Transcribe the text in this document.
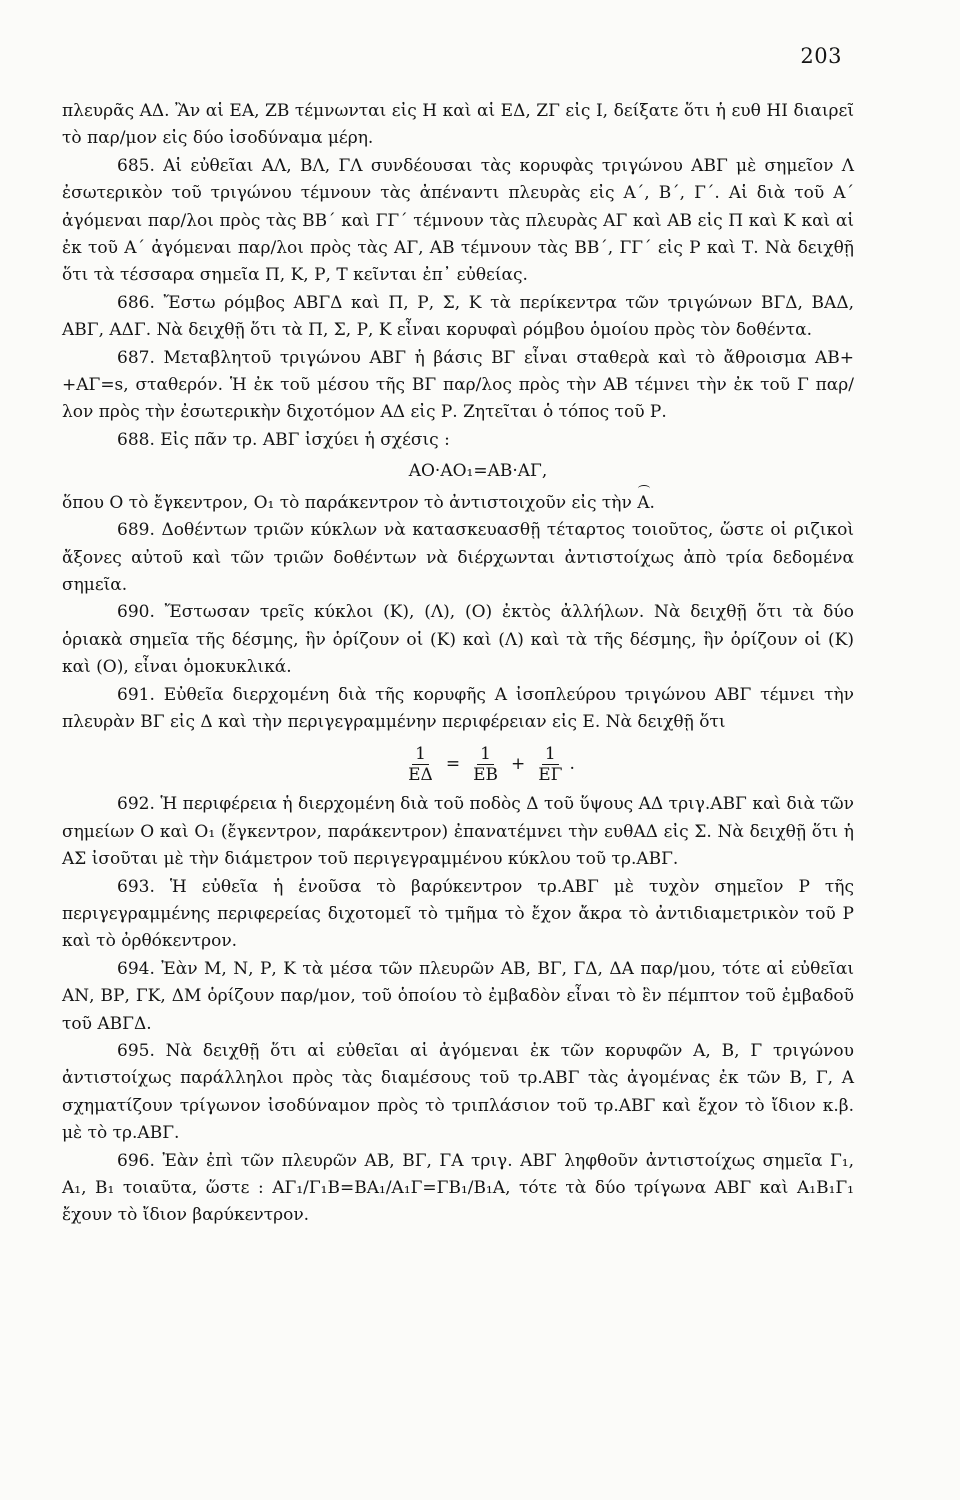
203

πλευρᾶς ΑΔ. Ἂν αἱ ΕΑ, ΖΒ τέμνωνται εἰς Η καὶ αἱ ΕΔ, ΖΓ εἰς Ι, δείξατε ὅτι ἡ ευθ ΗΙ διαιρεῖ τὸ παρ/μον εἰς δύο ἰσοδύναμα μέρη.

685. Αἱ εὐθεῖαι ΑΛ, ΒΛ, ΓΛ συνδέουσαι τὰς κορυφὰς τριγώνου ΑΒΓ μὲ σημεῖον Λ ἐσωτερικὸν τοῦ τριγώνου τέμνουν τὰς ἀπέναντι πλευρὰς εἰς Α΄, Β΄, Γ΄. Αἱ διὰ τοῦ Α΄ ἀγόμεναι παρ/λοι πρὸς τὰς ΒΒ΄ καὶ ΓΓ΄ τέμνουν τὰς πλευρὰς ΑΓ καὶ ΑΒ εἰς Π καὶ Κ καὶ αἱ ἐκ τοῦ Α΄ ἀγόμεναι παρ/λοι πρὸς τὰς ΑΓ, ΑΒ τέμνουν τὰς ΒΒ΄, ΓΓ΄ εἰς Ρ καὶ Τ. Νὰ δειχθῇ ὅτι τὰ τέσσαρα σημεῖα Π, Κ, Ρ, Τ κεῖνται ἐπ᾿ εὐθείας.

686. Ἔστω ρόμβος ΑΒΓΔ καὶ Π, Ρ, Σ, Κ τὰ περίκεντρα τῶν τριγώνων ΒΓΔ, ΒΑΔ, ΑΒΓ, ΑΔΓ. Νὰ δειχθῇ ὅτι τὰ Π, Σ, Ρ, Κ εἶναι κορυφαὶ ρόμβου ὁμοίου πρὸς τὸν δοθέντα.

687. Μεταβλητοῦ τριγώνου ΑΒΓ ἡ βάσις ΒΓ εἶναι σταθερὰ καὶ τὸ ἄθροισμα ΑΒ+ +ΑΓ=s, σταθερόν. Ἡ ἐκ τοῦ μέσου τῆς ΒΓ παρ/λος πρὸς τὴν ΑΒ τέμνει τὴν ἐκ τοῦ Γ παρ/λον πρὸς τὴν ἐσωτερικὴν διχοτόμον ΑΔ εἰς Ρ. Ζητεῖται ὁ τόπος τοῦ Ρ.

688. Εἰς πᾶν τρ. ΑΒΓ ἰσχύει ἡ σχέσις :

ΑΟ·ΑΟ₁=ΑΒ·ΑΓ,

ὅπου Ο τὸ ἔγκεντρον, Ο₁ τὸ παράκεντρον τὸ ἀντιστοιχοῦν εἰς τὴν Α.

689. Δοθέντων τριῶν κύκλων νὰ κατασκευασθῇ τέταρτος τοιοῦτος, ὥστε οἱ ριζικοὶ ἄξονες αὐτοῦ καὶ τῶν τριῶν δοθέντων νὰ διέρχωνται ἀντιστοίχως ἀπὸ τρία δεδομένα σημεῖα.

690. Ἔστωσαν τρεῖς κύκλοι (Κ), (Λ), (Ο) ἐκτὸς ἀλλήλων. Νὰ δειχθῇ ὅτι τὰ δύο ὁριακὰ σημεῖα τῆς δέσμης, ἣν ὁρίζουν οἱ (Κ) καὶ (Λ) καὶ τὰ τῆς δέσμης, ἣν ὁρίζουν οἱ (Κ) καὶ (Ο), εἶναι ὁμοκυκλικά.

691. Εὐθεῖα διερχομένη διὰ τῆς κορυφῆς Α ἰσοπλεύρου τριγώνου ΑΒΓ τέμνει τὴν πλευρὰν ΒΓ εἰς Δ καὶ τὴν περιγεγραμμένην περιφέρειαν εἰς Ε. Νὰ δειχθῇ ὅτι

$\frac{1}{E\Delta} = \frac{1}{EB} + \frac{1}{E\Gamma}$ .

692. Ἡ περιφέρεια ἡ διερχομένη διὰ τοῦ ποδὸς Δ τοῦ ὕψους ΑΔ τριγ.ΑΒΓ καὶ διὰ τῶν σημείων Ο καὶ Ο₁ (ἔγκεντρον, παράκεντρον) ἐπανατέμνει τὴν ευθΑΔ εἰς Σ. Νὰ δειχθῇ ὅτι ἡ ΑΣ ἰσοῦται μὲ τὴν διάμετρον τοῦ περιγεγραμμένου κύκλου τοῦ τρ.ΑΒΓ.

693. Ἡ εὐθεῖα ἡ ἑνοῦσα τὸ βαρύκεντρον τρ.ΑΒΓ μὲ τυχὸν σημεῖον Ρ τῆς περιγεγραμμένης περιφερείας διχοτομεῖ τὸ τμῆμα τὸ ἔχον ἄκρα τὸ ἀντιδιαμετρικὸν τοῦ Ρ καὶ τὸ ὀρθόκεντρον.

694. Ἐὰν Μ, Ν, Ρ, Κ τὰ μέσα τῶν πλευρῶν ΑΒ, ΒΓ, ΓΔ, ΔΑ παρ/μου, τότε αἱ εὐθεῖαι ΑΝ, ΒΡ, ΓΚ, ΔΜ ὁρίζουν παρ/μον, τοῦ ὁποίου τὸ ἐμβαδὸν εἶναι τὸ ἓν πέμπτον τοῦ ἐμβαδοῦ τοῦ ΑΒΓΔ.

695. Νὰ δειχθῇ ὅτι αἱ εὐθεῖαι αἱ ἀγόμεναι ἐκ τῶν κορυφῶν Α, Β, Γ τριγώνου ἀντιστοίχως παράλληλοι πρὸς τὰς διαμέσους τοῦ τρ.ΑΒΓ τὰς ἀγομένας ἐκ τῶν Β, Γ, Α σχηματίζουν τρίγωνον ἰσοδύναμον πρὸς τὸ τριπλάσιον τοῦ τρ.ΑΒΓ καὶ ἔχον τὸ ἴδιον κ.β. μὲ τὸ τρ.ΑΒΓ.

696. Ἐὰν ἐπὶ τῶν πλευρῶν ΑΒ, ΒΓ, ΓΑ τριγ. ΑΒΓ ληφθοῦν ἀντιστοίχως σημεῖα Γ₁, Α₁, Β₁ τοιαῦτα, ὥστε : ΑΓ₁/Γ₁Β=ΒΑ₁/Α₁Γ=ΓΒ₁/Β₁Α, τότε τὰ δύο τρίγωνα ΑΒΓ καὶ Α₁Β₁Γ₁ ἔχουν τὸ ἴδιον βαρύκεντρον.
